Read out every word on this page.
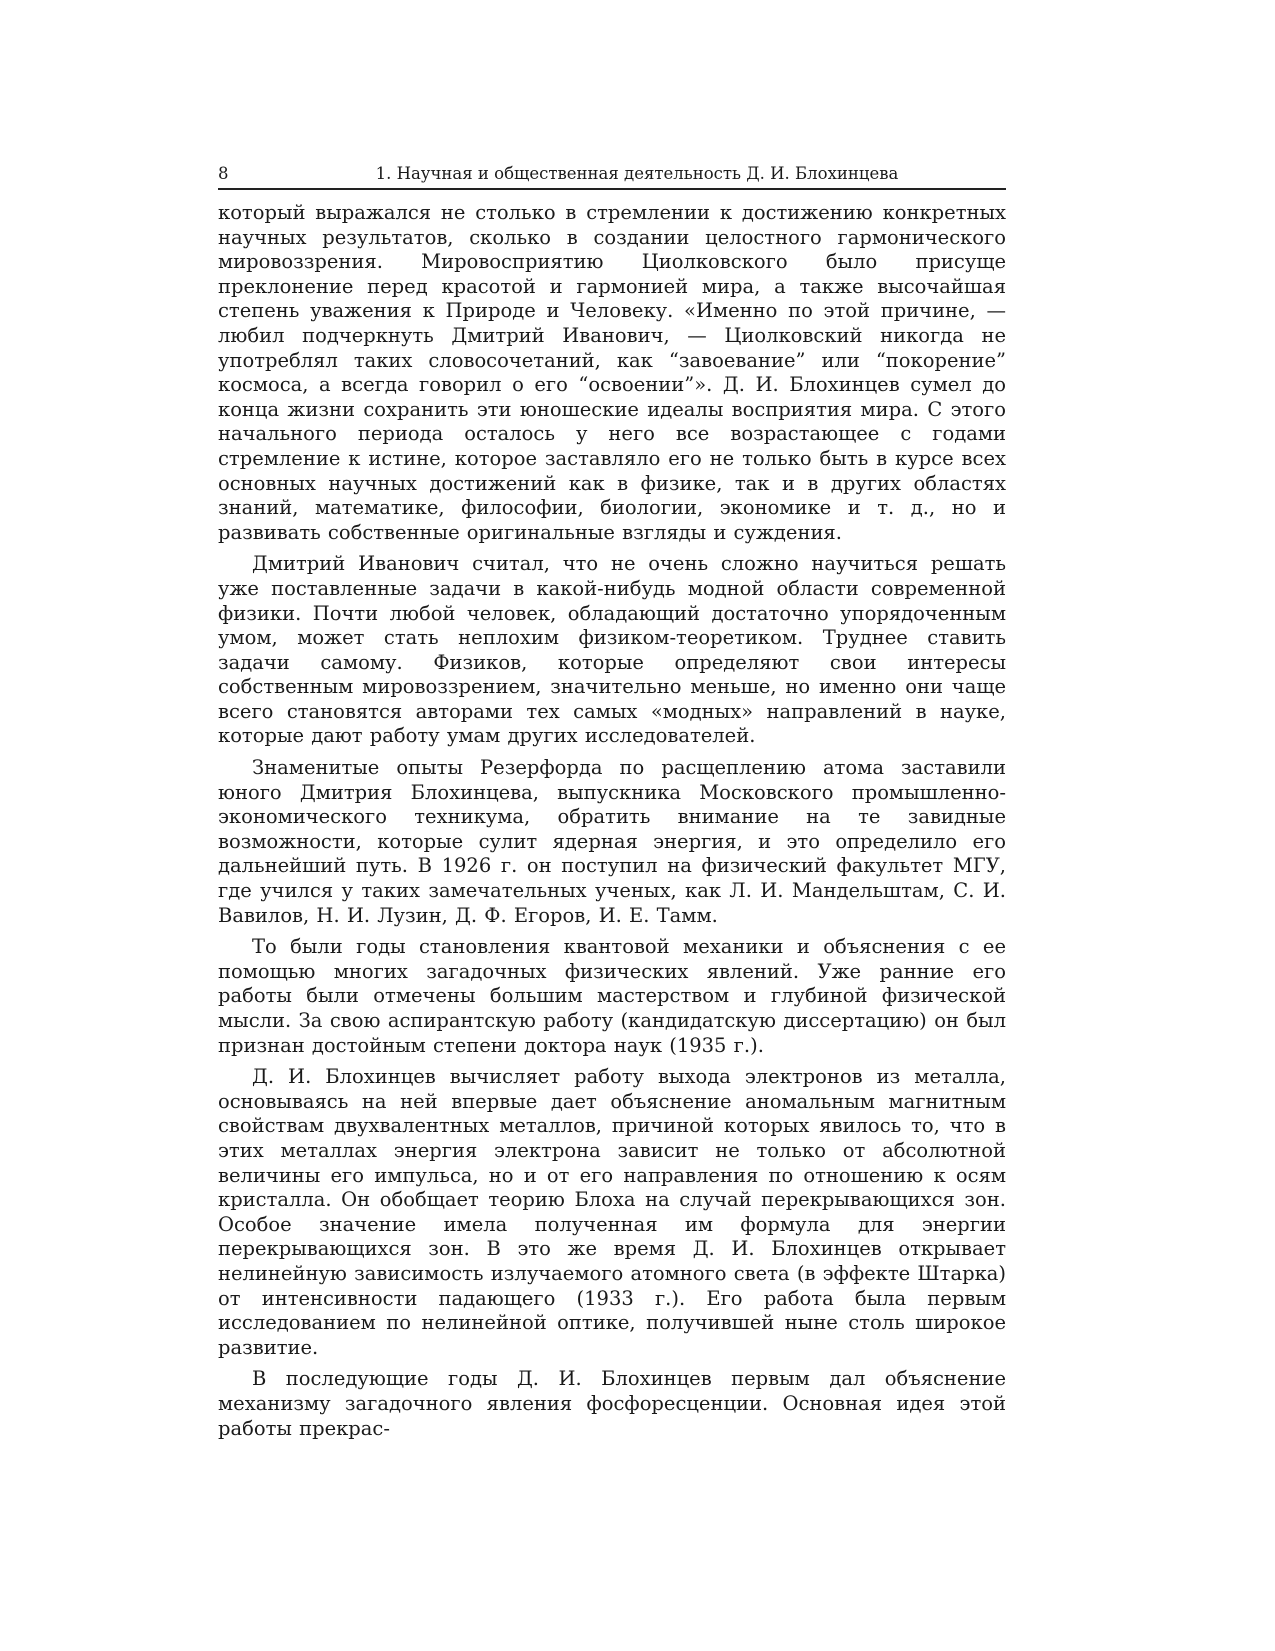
8	1. Научная и общественная деятельность Д. И. Блохинцева

который выражался не столько в стремлении к достижению конкретных научных результатов, сколько в создании целостного гармонического мировоззрения. Мировосприятию Циолковского было присуще преклонение перед красотой и гармонией мира, а также высочайшая степень уважения к Природе и Человеку. «Именно по этой причине, — любил подчеркнуть Дмитрий Иванович, — Циолковский никогда не употреблял таких словосочетаний, как “завоевание” или “покорение” космоса, а всегда говорил о его “освоении”». Д. И. Блохинцев сумел до конца жизни сохранить эти юношеские идеалы восприятия мира. С этого начального периода осталось у него все возрастающее с годами стремление к истине, которое заставляло его не только быть в курсе всех основных научных достижений как в физике, так и в других областях знаний, математике, философии, биологии, экономике и т. д., но и развивать собственные оригинальные взгляды и суждения.

Дмитрий Иванович считал, что не очень сложно научиться решать уже поставленные задачи в какой-нибудь модной области современной физики. Почти любой человек, обладающий достаточно упорядоченным умом, может стать неплохим физиком-теоретиком. Труднее ставить задачи самому. Физиков, которые определяют свои интересы собственным мировоззрением, значительно меньше, но именно они чаще всего становятся авторами тех самых «модных» направлений в науке, которые дают работу умам других исследователей.

Знаменитые опыты Резерфорда по расщеплению атома заставили юного Дмитрия Блохинцева, выпускника Московского промышленно-экономического техникума, обратить внимание на те завидные возможности, которые сулит ядерная энергия, и это определило его дальнейший путь. В 1926 г. он поступил на физический факультет МГУ, где учился у таких замечательных ученых, как Л. И. Мандельштам, С. И. Вавилов, Н. И. Лузин, Д. Ф. Егоров, И. Е. Тамм.

То были годы становления квантовой механики и объяснения с ее помощью многих загадочных физических явлений. Уже ранние его работы были отмечены большим мастерством и глубиной физической мысли. За свою аспирантскую работу (кандидатскую диссертацию) он был признан достойным степени доктора наук (1935 г.).

Д. И. Блохинцев вычисляет работу выхода электронов из металла, основываясь на ней впервые дает объяснение аномальным магнитным свойствам двухвалентных металлов, причиной которых явилось то, что в этих металлах энергия электрона зависит не только от абсолютной величины его импульса, но и от его направления по отношению к осям кристалла. Он обобщает теорию Блоха на случай перекрывающихся зон. Особое значение имела полученная им формула для энергии перекрывающихся зон. В это же время Д. И. Блохинцев открывает нелинейную зависимость излучаемого атомного света (в эффекте Штарка) от интенсивности падающего (1933 г.). Его работа была первым исследованием по нелинейной оптике, получившей ныне столь широкое развитие.

В последующие годы Д. И. Блохинцев первым дал объяснение механизму загадочного явления фосфоресценции. Основная идея этой работы прекрас-
